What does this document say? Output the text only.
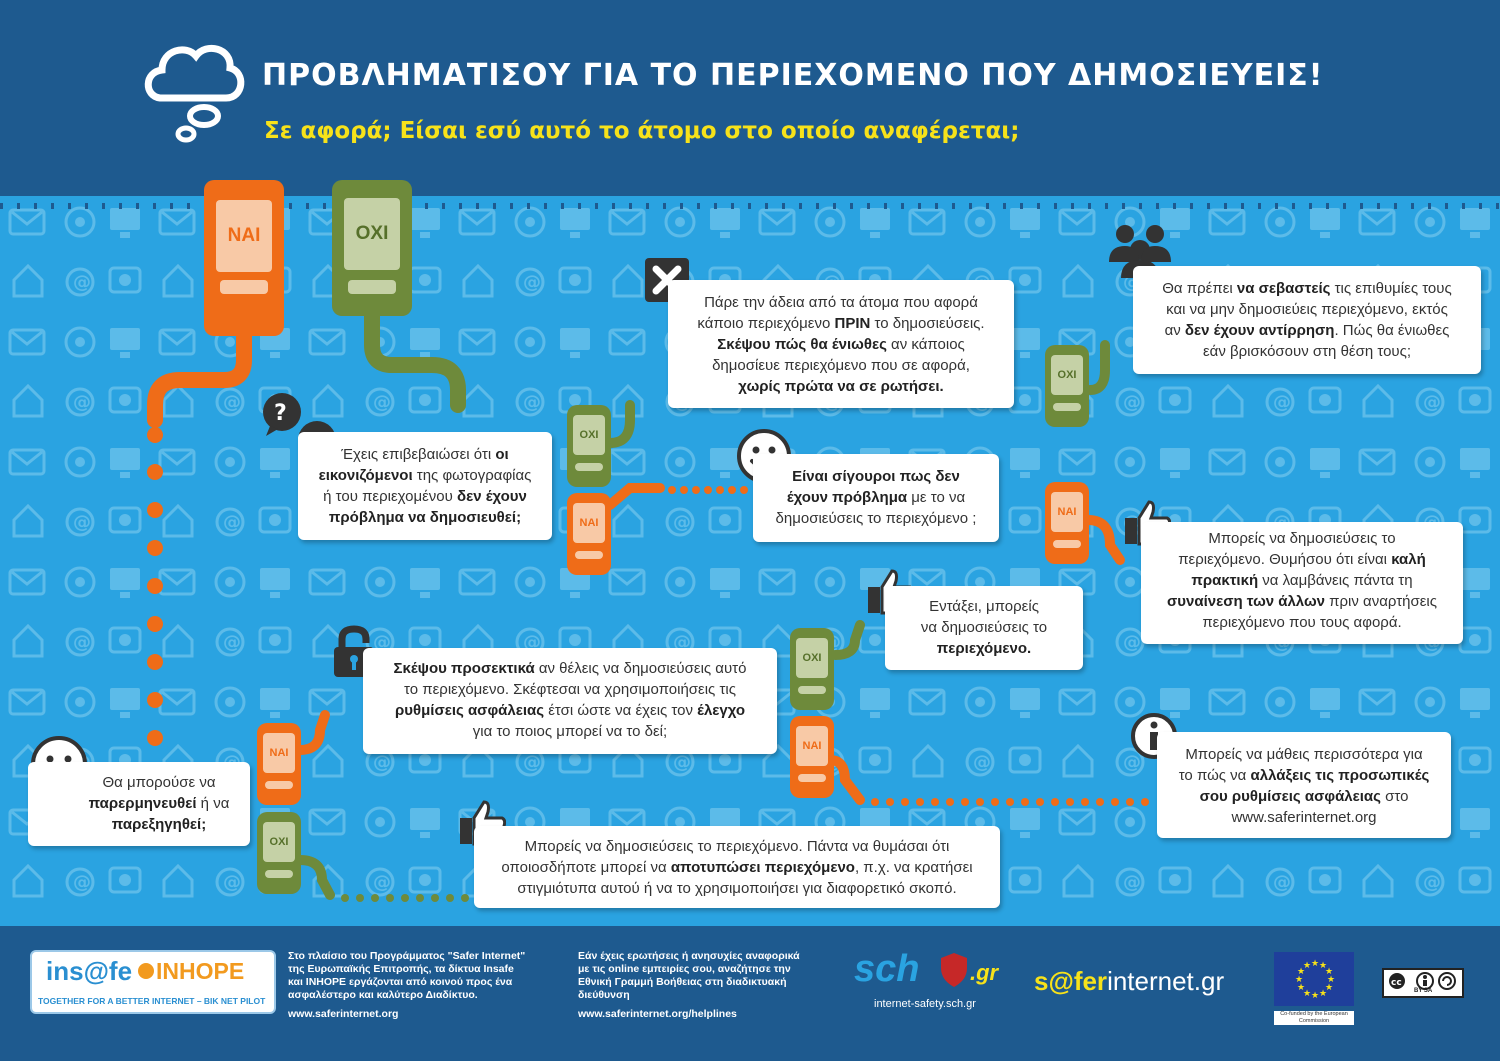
ΠΡΟΒΛΗΜΑΤΙΣΟΥ ΓΙΑ ΤΟ ΠΕΡΙΕΧΟΜΕΝΟ ΠΟΥ ΔΗΜΟΣΙΕΥΕΙΣ!
Σε αφορά; Είσαι εσύ αυτό το άτομο στο οποίο αναφέρεται;
ΝΑΙ	ΟΧΙ
ΟΧΙ
ΝΑΙ
ΟΧΙ
ΝΑΙ
ΟΧΙ
ΝΑΙ
ΝΑΙ
ΟΧΙ
?

Πάρε την άδεια από τα άτομα που αφορά

κάποιο περιεχόμενο ΠΡΙΝ το δημοσιεύσεις.

Σκέψου πώς θα ένιωθες αν κάποιος

δημοσίευε περιεχόμενο που σε αφορά,

χωρίς πρώτα να σε ρωτήσει.

Θα πρέπει να σεβαστείς τις επιθυμίες τους

και να μην δημοσιεύεις περιεχόμενο, εκτός

αν δεν έχουν αντίρρηση. Πώς θα ένιωθες

εάν βρισκόσουν στη θέση τους;

Έχεις επιβεβαιώσει ότι οι

εικονιζόμενοι της φωτογραφίας

ή του περιεχομένου δεν έχουν

πρόβλημα να δημοσιευθεί;

Είναι σίγουροι πως δεν

έχουν πρόβλημα με το να

δημοσιεύσεις το περιεχόμενο ;

Μπορείς να δημοσιεύσεις το

περιεχόμενο. Θυμήσου ότι είναι καλή

πρακτική να λαμβάνεις πάντα τη

συναίνεση των άλλων πριν αναρτήσεις

περιεχόμενο που τους αφορά.

Εντάξει, μπορείς

να δημοσιεύσεις το

περιεχόμενο.

Σκέψου προσεκτικά αν θέλεις να δημοσιεύσεις αυτό

το περιεχόμενο. Σκέφτεσαι να χρησιμοποιήσεις τις

ρυθμίσεις ασφάλειας έτσι ώστε να έχεις τον έλεγχο

για το ποιος μπορεί να το δεί;

Θα μπορούσε να

παρερμηνευθεί ή να

παρεξηγηθεί;

Μπορείς να μάθεις περισσότερα για

το πώς να αλλάξεις τις προσωπικές

σου ρυθμίσεις ασφάλειας στο

www.saferinternet.org

Μπορείς να δημοσιεύσεις το περιεχόμενο. Πάντα να θυμάσαι ότι

οποιοσδήποτε μπορεί να αποτυπώσει περιεχόμενο, π.χ. να κρατήσει

στιγμιότυπα αυτού ή να το χρησιμοποιήσει για διαφορετικό σκοπό.

ins@fe INHOPE
TOGETHER FOR A BETTER INTERNET – BIK NET PILOT
Στο πλαίσιο του Προγράμματος "Safer Internet"
της Ευρωπαϊκής Επιτροπής, τα δίκτυα Insafe
και INHOPE εργάζονται από κοινού προς ένα
ασφαλέστερο και καλύτερο Διαδίκτυο.
www.saferinternet.org
Εάν έχεις ερωτήσεις ή ανησυχίες αναφορικά
με τις online εμπειρίες σου, αναζήτησε την
Εθνική Γραμμή Βοήθειας στη διαδικτυακή
διεύθυνση
www.saferinternet.org/helplines
sch .gr
internet-safety.sch.gr
s@ferinternet.gr
★ ★
★
★
★
★
★
★
★
★
★
★
Co-funded by the European Commission
cc
BY SA
